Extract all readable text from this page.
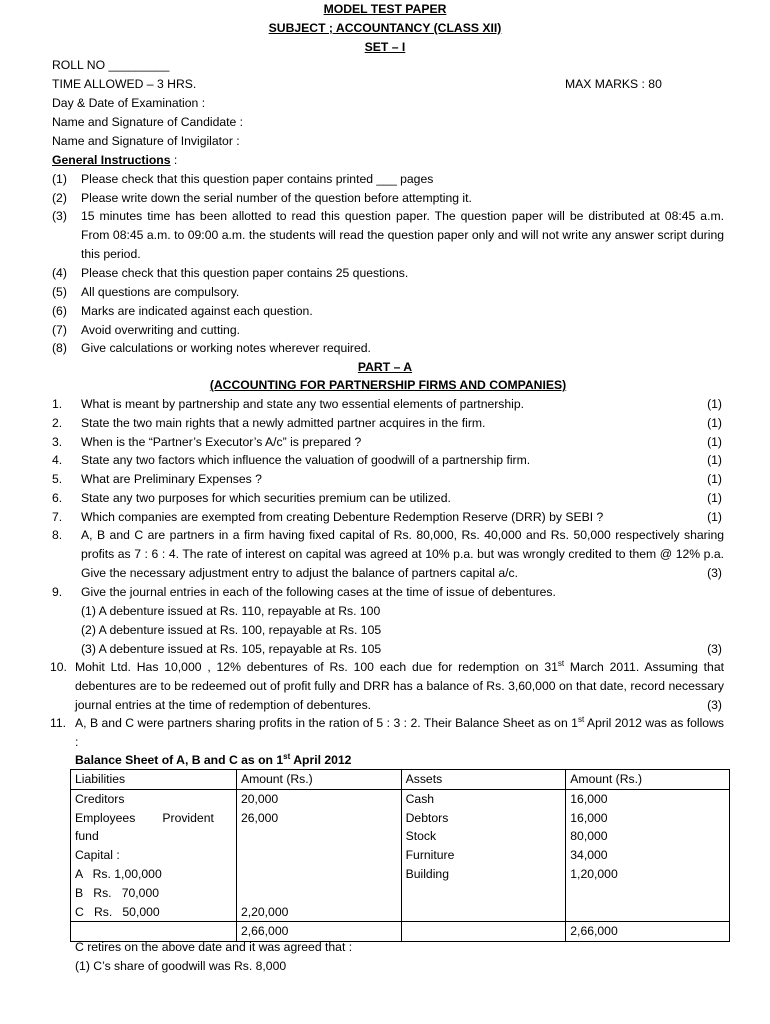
MODEL TEST PAPER
SUBJECT ; ACCOUNTANCY (CLASS XII)
SET – I
ROLL NO _________
TIME ALLOWED – 3 HRS.	MAX MARKS : 80
Day & Date of Examination :
Name and Signature of Candidate :
Name and Signature of Invigilator :
General Instructions :
(1) Please check that this question paper contains printed ___ pages
(2) Please write down the serial number of the question before attempting it.
(3) 15 minutes time has been allotted to read this question paper. The question paper will be distributed at 08:45 a.m. From 08:45 a.m. to 09:00 a.m. the students will read the question paper only and will not write any answer script during this period.
(4) Please check that this question paper contains 25 questions.
(5) All questions are compulsory.
(6) Marks are indicated against each question.
(7) Avoid overwriting and cutting.
(8) Give calculations or working notes wherever required.
PART – A
(ACCOUNTING FOR PARTNERSHIP FIRMS AND COMPANIES)
1. What is meant by partnership and state any two essential elements of partnership.	(1)
2. State the two main rights that a newly admitted partner acquires in the firm.	(1)
3. When is the “Partner’s Executor’s A/c” is prepared ?	(1)
4. State any two factors which influence the valuation of goodwill of a partnership firm.	(1)
5. What are Preliminary Expenses ?	(1)
6. State any two purposes for which securities premium can be utilized.	(1)
7. Which companies are exempted from creating Debenture Redemption Reserve (DRR) by SEBI ?	(1)
8. A, B and C are partners in a firm having fixed capital of Rs. 80,000, Rs. 40,000 and Rs. 50,000 respectively sharing profits as 7 : 6 : 4. The rate of interest on capital was agreed at 10% p.a. but was wrongly credited to them @ 12% p.a. Give the necessary adjustment entry to adjust the balance of partners capital a/c.	(3)
9. Give the journal entries in each of the following cases at the time of issue of debentures.
(1) A debenture issued at Rs. 110, repayable at Rs. 100
(2) A debenture issued at Rs. 100, repayable at Rs. 105
(3) A debenture issued at Rs. 105, repayable at Rs. 105	(3)
10. Mohit Ltd. Has 10,000 , 12% debentures of Rs. 100 each due for redemption on 31st March 2011. Assuming that debentures are to be redeemed out of profit fully and DRR has a balance of Rs. 3,60,000 on that date, record necessary journal entries at the time of redemption of debentures.	(3)
11. A, B and C were partners sharing profits in the ration of 5 : 3 : 2. Their Balance Sheet as on 1st April 2012 was as follows :
Balance Sheet of A, B and C as on 1st April 2012
Liabilities	Amount (Rs.)	Assets	Amount (Rs.)
Creditors	20,000	Cash	16,000
Employees        Provident	26,000	Debtors	16,000
fund		Stock	80,000
Capital :		Furniture	34,000
A   Rs. 1,00,000		Building	1,20,000
B   Rs.   70,000			
C   Rs.   50,000	2,20,000		
	2,66,000		2,66,000
C retires on the above date and it was agreed that :
(1) C’s share of goodwill was Rs. 8,000
